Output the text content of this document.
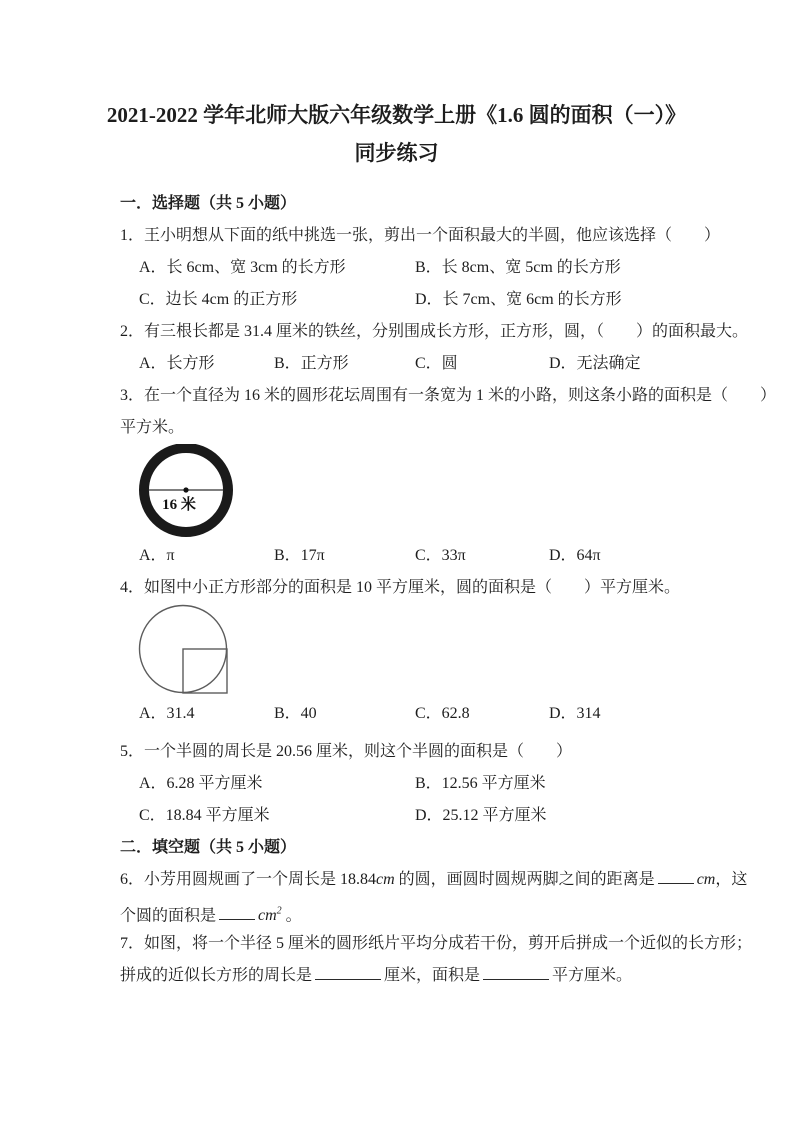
2021-2022 学年北师大版六年级数学上册《1.6 圆的面积（一）》
同步练习
一．选择题（共 5 小题）
1．王小明想从下面的纸中挑选一张，剪出一个面积最大的半圆，他应该选择（　　）

A．长 6cm、宽 3cm 的长方形

	B．长 8cm、宽 5cm 的长方形

C．边长 4cm 的正方形

	D．长 7cm、宽 6cm 的长方形

2．有三根长都是 31.4 厘米的铁丝，分别围成长方形，正方形，圆，（　　）的面积最大。

A．长方形

	B．正方形

	C．圆

	D．无法确定

3．在一个直径为 16 米的圆形花坛周围有一条宽为 1 米的小路，则这条小路的面积是（　　）
平方米。
16 米

A．π

	B．17π

	C．33π

	D．64π

4．如图中小正方形部分的面积是 10 平方厘米，圆的面积是（　　）平方厘米。

A．31.4

	B．40

	C．62.8

	D．314

5．一个半圆的周长是 20.56 厘米，则这个半圆的面积是（　　）

A．6.28 平方厘米

	B．12.56 平方厘米

C．18.84 平方厘米

	D．25.12 平方厘米

二．填空题（共 5 小题）
6．小芳用圆规画了一个周长是 18.84cm 的圆，画圆时圆规两脚之间的距离是	cm，这
个圆的面积是	$cm^2$ 。
7．如图，将一个半径 5 厘米的圆形纸片平均分成若干份，剪开后拼成一个近似的长方形；
拼成的近似长方形的周长是	厘米，面积是	平方厘米。
